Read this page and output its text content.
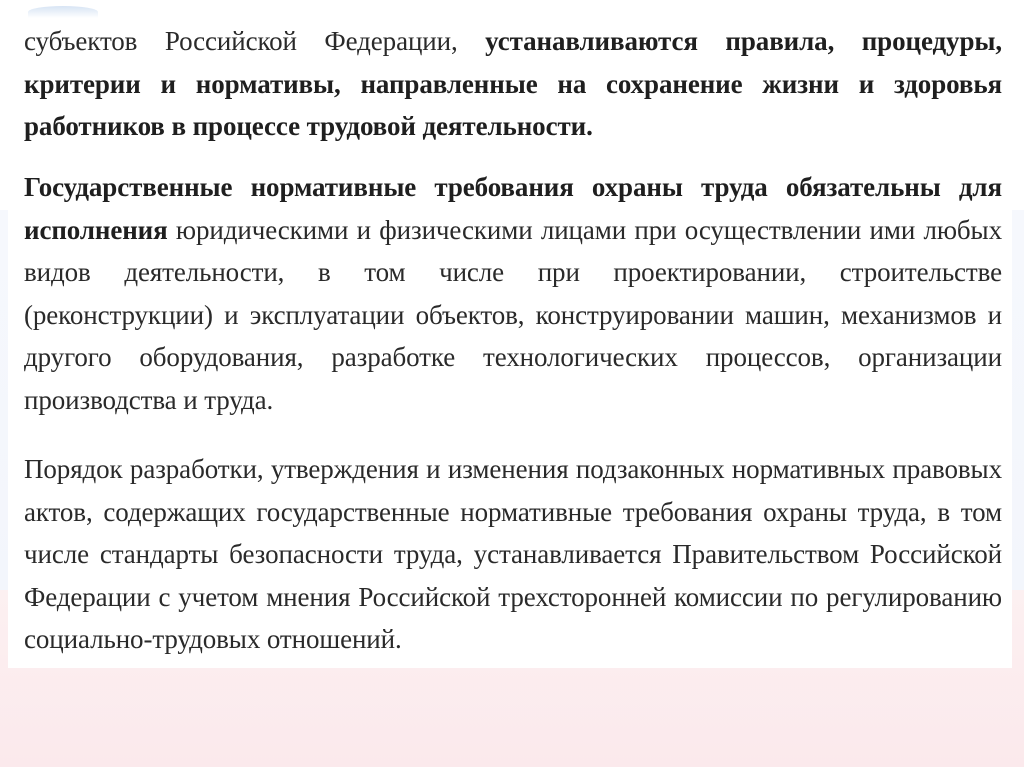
субъектов Российской Федерации, устанавливаются правила, процедуры, критерии и нормативы, направленные на сохранение жизни и здоровья работников в процессе трудовой деятельности.

Государственные нормативные требования охраны труда обязательны для исполнения юридическими и физическими лицами при осуществлении ими любых видов деятельности, в том числе при проектировании, строительстве (реконструкции) и эксплуатации объектов, конструировании машин, механизмов и другого оборудования, разработке технологических процессов, организации производства и труда.

Порядок разработки, утверждения и изменения подзаконных нормативных правовых актов, содержащих государственные нормативные требования охраны труда, в том числе стандарты безопасности труда, устанавливается Правительством Российской Федерации с учетом мнения Российской трехсторонней комиссии по регулированию социально-трудовых отношений.
